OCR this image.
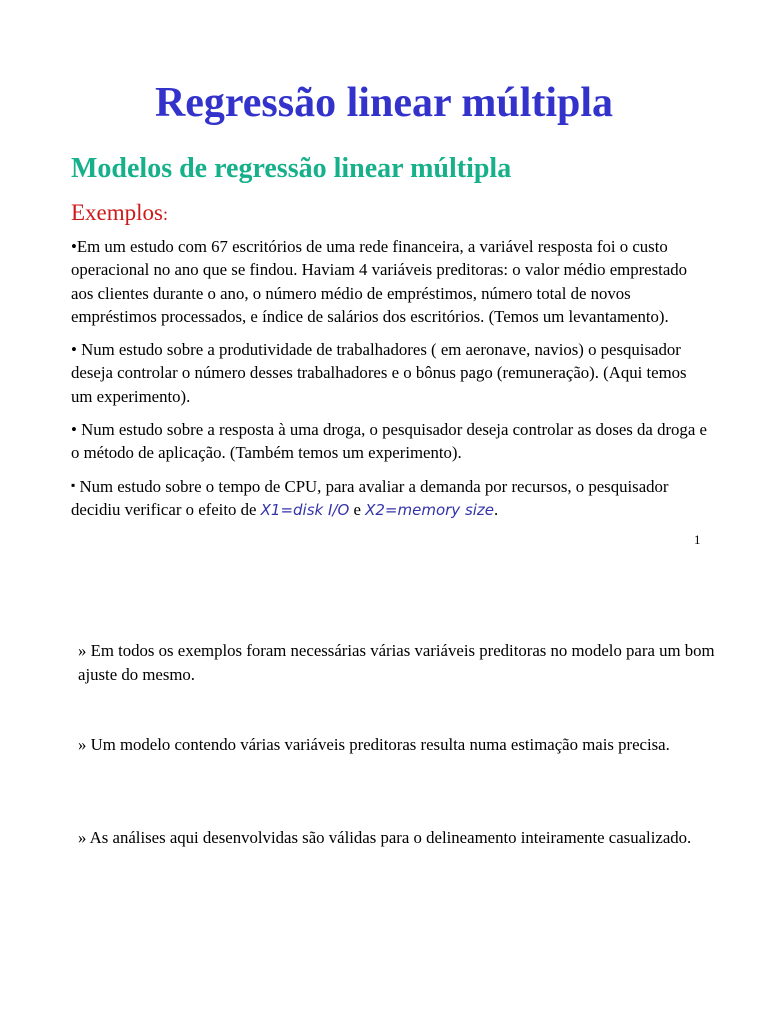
Regressão linear múltipla
Modelos de regressão linear múltipla
Exemplos:

•Em um estudo com 67 escritórios de uma rede financeira, a variável resposta foi o custo operacional no ano que se findou. Haviam 4 variáveis preditoras: o valor médio emprestado aos clientes durante o ano, o número médio de empréstimos, número total de novos empréstimos processados, e índice de salários dos escritórios. (Temos um levantamento).

• Num estudo sobre a produtividade de trabalhadores ( em aeronave, navios) o pesquisador deseja controlar o número desses trabalhadores e o bônus pago (remuneração). (Aqui temos um experimento).

• Num estudo sobre a resposta à uma droga, o pesquisador deseja controlar as doses da droga e o método de aplicação. (Também temos um experimento).

▪ Num estudo sobre o tempo de CPU, para avaliar a demanda por recursos, o pesquisador decidiu verificar o efeito de X1=disk I/O e X2=memory size.

1

» Em todos os exemplos foram necessárias várias variáveis preditoras no modelo para um bom ajuste do mesmo.

» Um modelo contendo várias variáveis preditoras resulta numa estimação mais precisa.

» As análises aqui desenvolvidas são válidas para o delineamento inteiramente casualizado.
